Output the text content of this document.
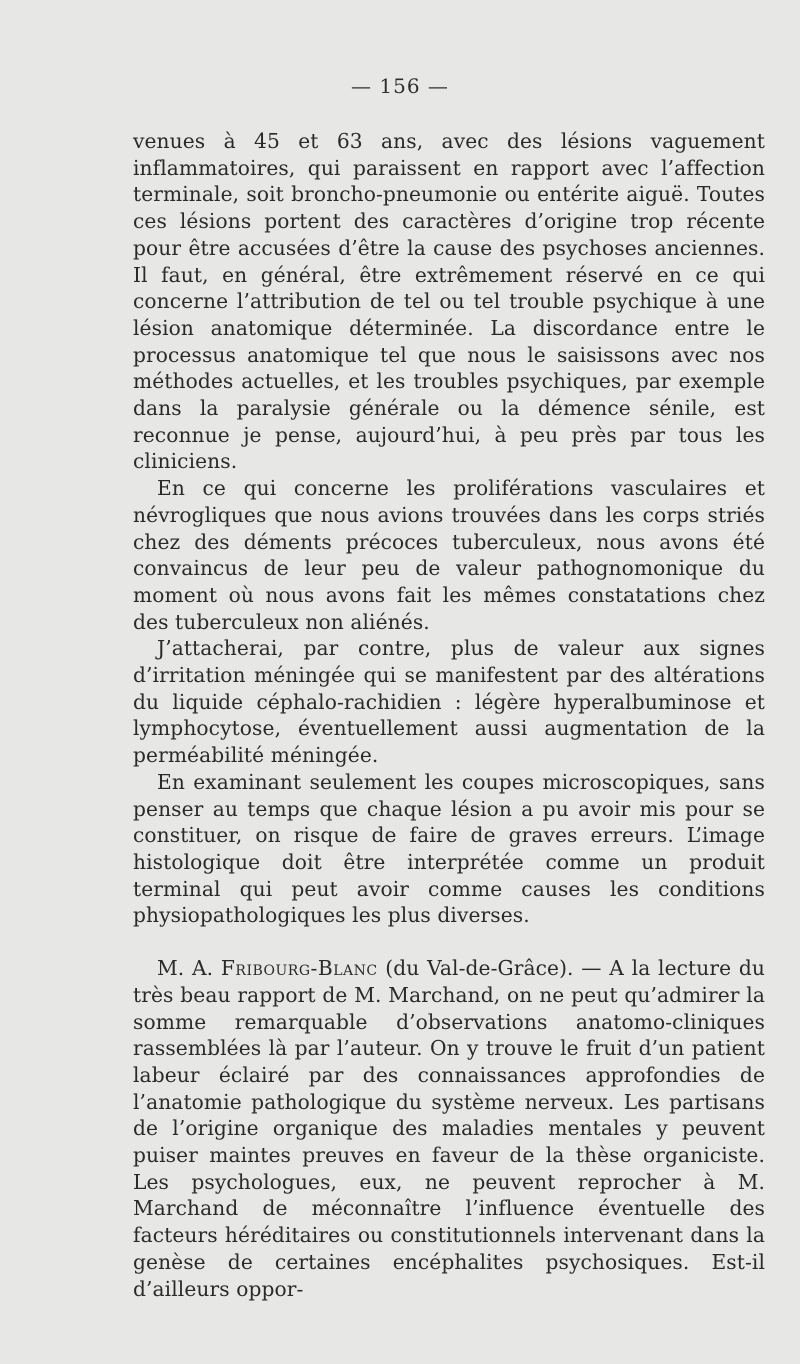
— 156 —

venues à 45 et 63 ans, avec des lésions vaguement inflammatoires, qui paraissent en rapport avec l’affection terminale, soit broncho-pneumonie ou entérite aiguë. Toutes ces lésions portent des caractères d’origine trop récente pour être accusées d’être la cause des psychoses anciennes. Il faut, en général, être extrêmement réservé en ce qui concerne l’attribution de tel ou tel trouble psychique à une lésion anatomique déterminée. La discordance entre le processus anatomique tel que nous le saisissons avec nos méthodes actuelles, et les troubles psychiques, par exemple dans la paralysie générale ou la démence sénile, est reconnue je pense, aujourd’hui, à peu près par tous les cliniciens.

En ce qui concerne les proliférations vasculaires et névrogliques que nous avions trouvées dans les corps striés chez des déments précoces tuberculeux, nous avons été convaincus de leur peu de valeur pathognomonique du moment où nous avons fait les mêmes constatations chez des tuberculeux non aliénés.

J’attacherai, par contre, plus de valeur aux signes d’irritation méningée qui se manifestent par des altérations du liquide céphalo-rachidien : légère hyperalbuminose et lymphocytose, éventuellement aussi augmentation de la perméabilité méningée.

En examinant seulement les coupes microscopiques, sans penser au temps que chaque lésion a pu avoir mis pour se constituer, on risque de faire de graves erreurs. L’image histologique doit être interprétée comme un produit terminal qui peut avoir comme causes les conditions physiopathologiques les plus diverses.

M. A. Fribourg-Blanc (du Val-de-Grâce). — A la lecture du très beau rapport de M. Marchand, on ne peut qu’admirer la somme remarquable d’observations anatomo-cliniques rassemblées là par l’auteur. On y trouve le fruit d’un patient labeur éclairé par des connaissances approfondies de l’anatomie pathologique du système nerveux. Les partisans de l’origine organique des maladies mentales y peuvent puiser maintes preuves en faveur de la thèse organiciste. Les psychologues, eux, ne peuvent reprocher à M. Marchand de méconnaître l’influence éventuelle des facteurs héréditaires ou constitutionnels intervenant dans la genèse de certaines encéphalites psychosiques. Est-il d’ailleurs oppor-
